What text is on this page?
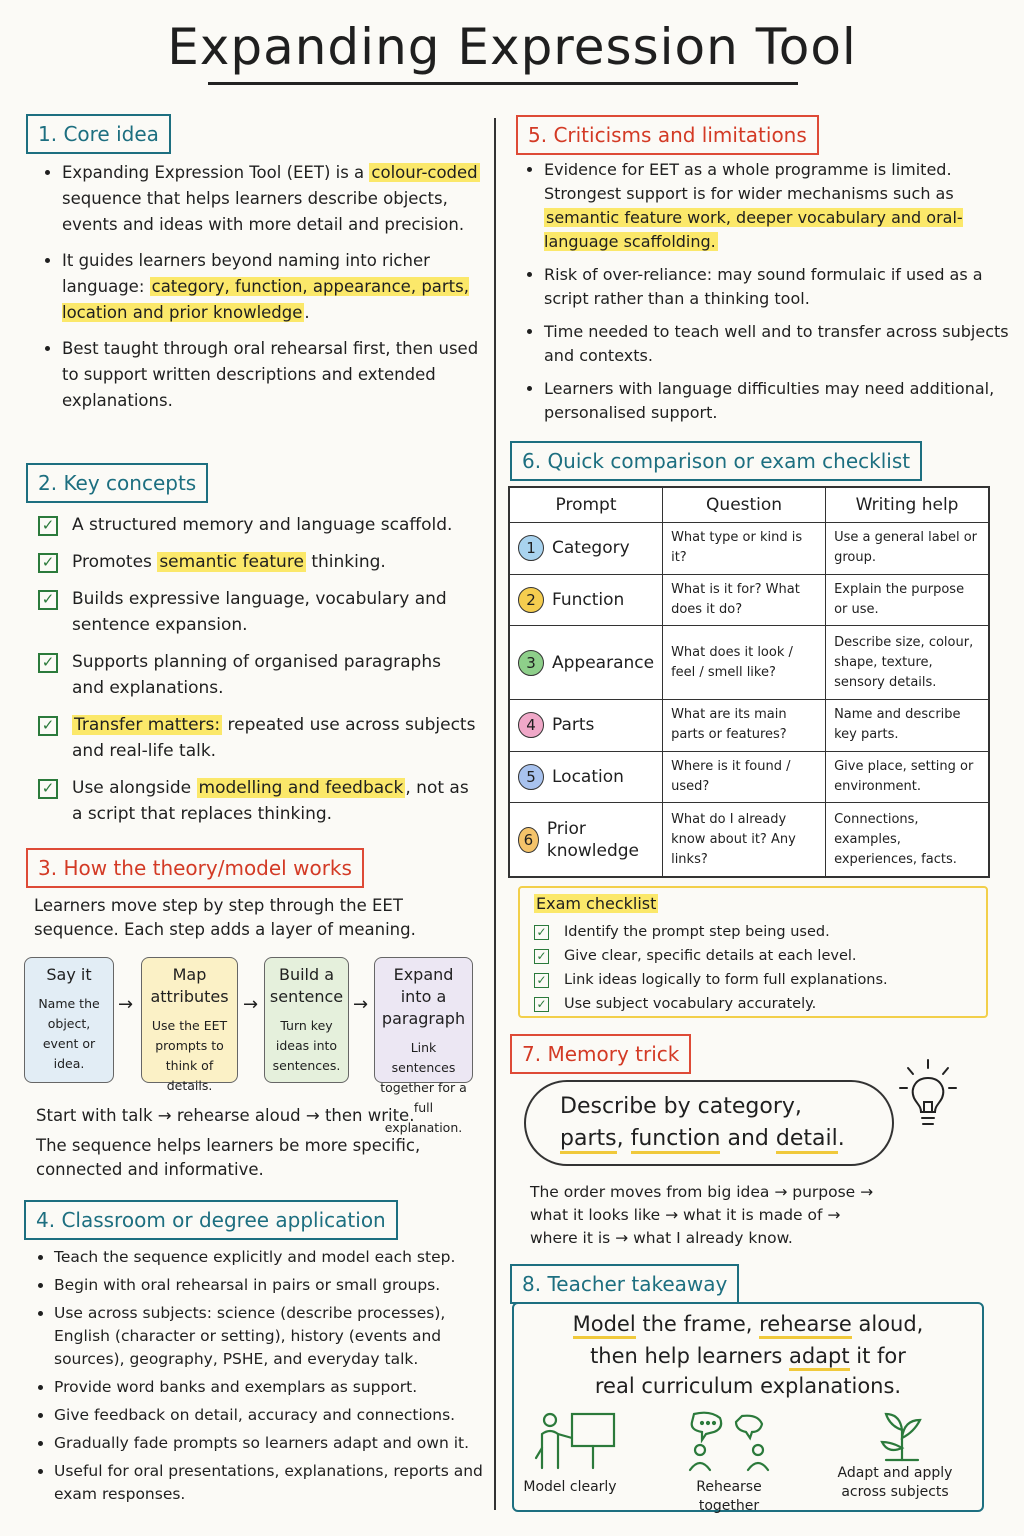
Expanding Expression Tool
1. Core idea
• Expanding Expression Tool (EET) is a colour-coded sequence that helps learners describe objects, events and ideas with more detail and precision.
• It guides learners beyond naming into richer language: category, function, appearance, parts, location and prior knowledge .
• Best taught through oral rehearsal first, then used to support written descriptions and extended explanations.
2. Key concepts
✓ A structured memory and language scaffold.
✓ Promotes semantic feature thinking.
✓ Builds expressive language, vocabulary and sentence expansion.
✓ Supports planning of organised paragraphs and explanations.
✓ Transfer matters: repeated use across subjects and real-life talk.
✓ Use alongside modelling and feedback , not as a script that replaces thinking.
3. How the theory/model works
Learners move step by step through the EET sequence. Each step adds a layer of meaning.
Say it
Name the object, event or idea.
→
Map attributes
Use the EET prompts to think of details.
→
Build a sentence
Turn key ideas into sentences.
→
Expand into a paragraph
Link sentences together for a full explanation.
Start with talk → rehearse aloud → then write.
The sequence helps learners be more specific, connected and informative.
4. Classroom or degree application
• Teach the sequence explicitly and model each step.
• Begin with oral rehearsal in pairs or small groups.
• Use across subjects: science (describe processes), English (character or setting), history (events and sources), geography, PSHE, and everyday talk.
• Provide word banks and exemplars as support.
• Give feedback on detail, accuracy and connections.
• Gradually fade prompts so learners adapt and own it.
• Useful for oral presentations, explanations, reports and exam responses.
5. Criticisms and limitations
• Evidence for EET as a whole programme is limited. Strongest support is for wider mechanisms such as semantic feature work, deeper vocabulary and oral-language scaffolding.
• Risk of over-reliance: may sound formulaic if used as a script rather than a thinking tool.
• Time needed to teach well and to transfer across subjects and contexts.
• Learners with language difficulties may need additional, personalised support.
6. Quick comparison or exam checklist
Prompt	Question	Writing help

1 Category	What type or kind is it?	Use a general label or group.

2 Function	What is it for? What does it do?	Explain the purpose or use.

3 Appearance	What does it look / feel / smell like?	Describe size, colour, shape, texture, sensory details.

4 Parts	What are its main parts or features?	Name and describe key parts.

5 Location	Where is it found / used?	Give place, setting or environment.

6
Prior knowledge	What do I already know about it? Any links?	Connections, examples, experiences, facts.
Exam checklist
✓ Identify the prompt step being used.
✓ Give clear, specific details at each level.
✓ Link ideas logically to form full explanations.
✓ Use subject vocabulary accurately.
7. Memory trick
Describe by category,
parts, function and detail.
The order moves from big idea → purpose →
what it looks like → what it is made of →
where it is → what I already know.
8. Teacher takeaway
Model the frame, rehearse aloud,
then help learners adapt it for
real curriculum explanations.
Model clearly	Rehearse together
Adapt and apply across subjects
